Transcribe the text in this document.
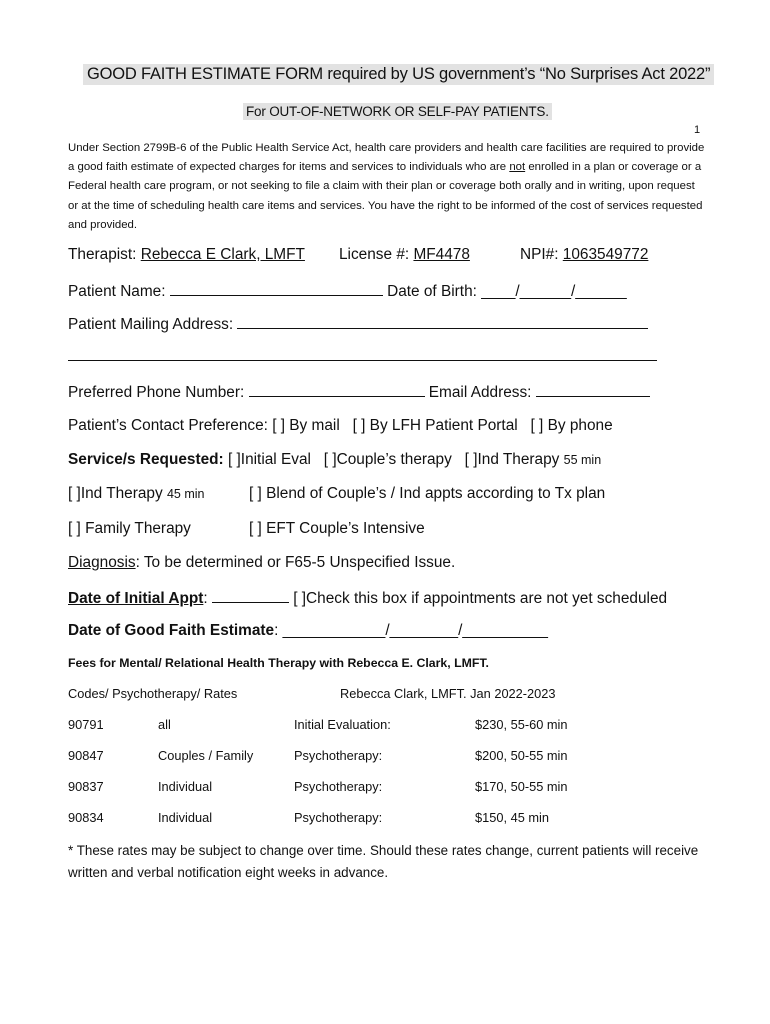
GOOD FAITH ESTIMATE FORM required by US government’s “No Surprises Act 2022”
For OUT-OF-NETWORK OR SELF-PAY PATIENTS.
1
Under Section 2799B-6 of the Public Health Service Act, health care providers and health care facilities are required to provide a good faith estimate of expected charges for items and services to individuals who are not enrolled in a plan or coverage or a Federal health care program, or not seeking to file a claim with their plan or coverage both orally and in writing, upon request or at the time of scheduling health care items and services. You have the right to be informed of the cost of services requested and provided.
Therapist: Rebecca E Clark, LMFT License #: MF4478	NPI#: 1063549772
Patient Name:	Date of Birth: ____/______/______
Patient Mailing Address:
Preferred Phone Number:	Email Address:
Patient’s Contact Preference: [ ] By mail [ ] By LFH Patient Portal [ ] By phone
Service/s Requested: [ ]Initial Eval [ ]Couple’s therapy [ ]Ind Therapy 55 min
[ ]Ind Therapy 45 min	[ ] Blend of Couple’s / Ind appts according to Tx plan
[ ] Family Therapy	[ ] EFT Couple’s Intensive
Diagnosis: To be determined or F65-5 Unspecified Issue.
Date of Initial Appt:	[ ]Check this box if appointments are not yet scheduled
Date of Good Faith Estimate: ____________/________/__________
Fees for Mental/ Relational Health Therapy with Rebecca E. Clark, LMFT.
Codes/ Psychotherapy/ Rates	Rebecca Clark, LMFT. Jan 2022-2023
90791	all	Initial Evaluation:	$230, 55-60 min
90847	Couples / Family	Psychotherapy:	$200, 50-55 min
90837	Individual	Psychotherapy:	$170, 50-55 min
90834	Individual	Psychotherapy:	$150, 45 min
* These rates may be subject to change over time. Should these rates change, current patients will receive written and verbal notification eight weeks in advance.
